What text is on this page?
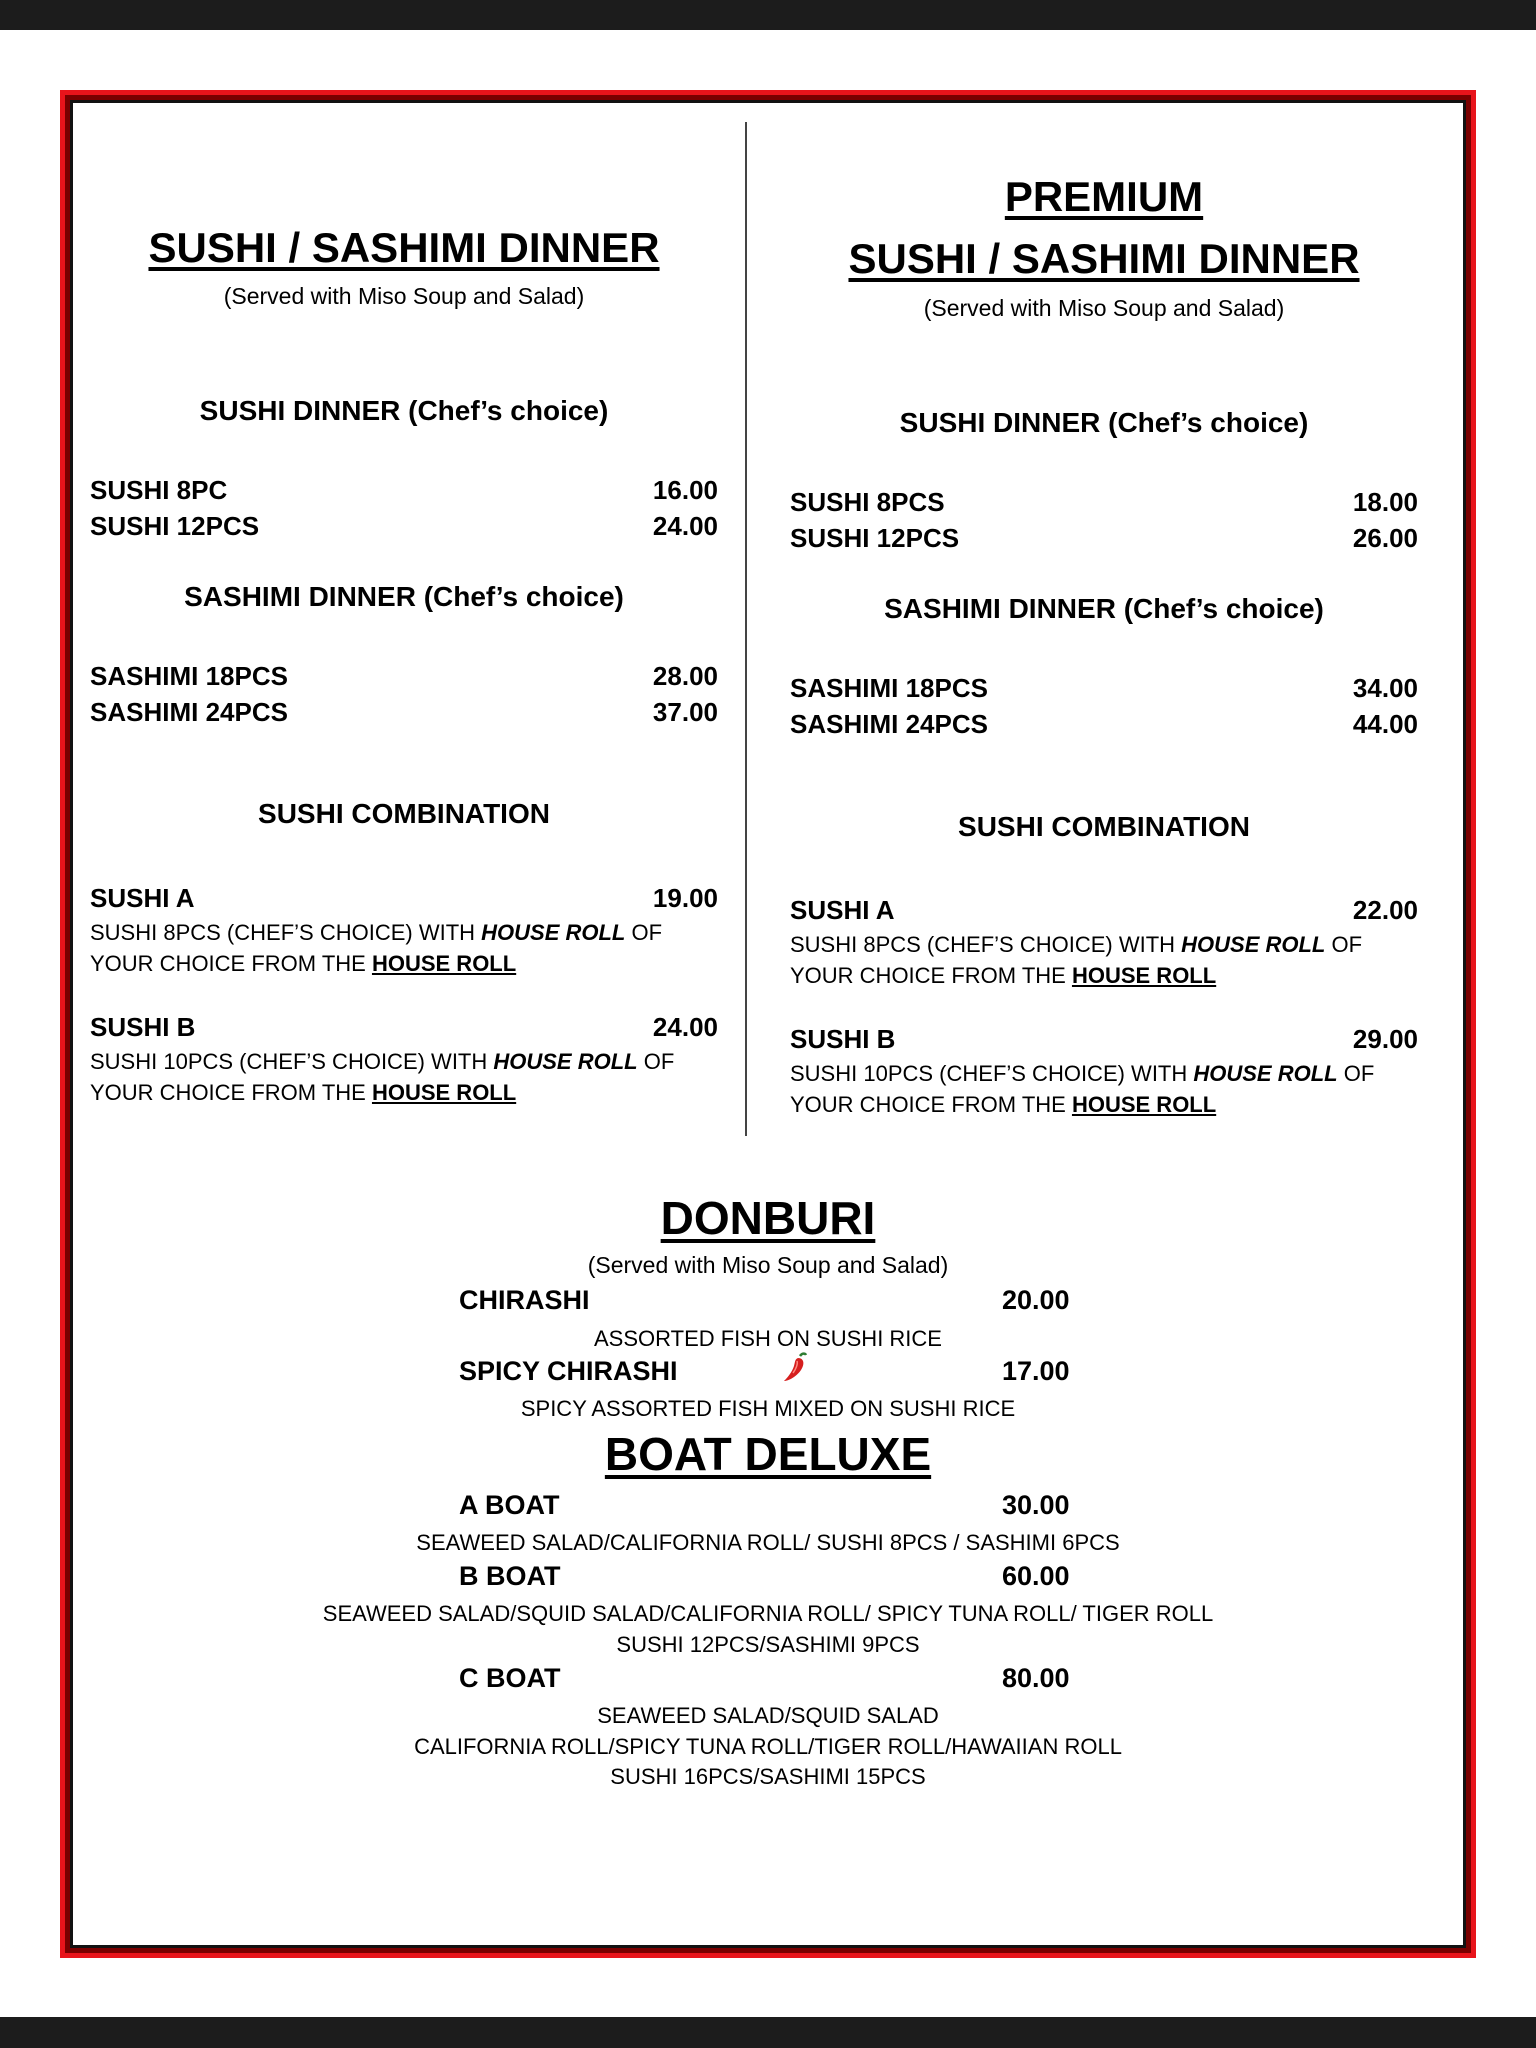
SUSHI / SASHIMI DINNER
(Served with Miso Soup and Salad)
SUSHI DINNER (Chef’s choice)
SUSHI 8PC	16.00
SUSHI 12PCS	24.00
SASHIMI DINNER (Chef’s choice)
SASHIMI 18PCS	28.00
SASHIMI 24PCS	37.00
SUSHI COMBINATION
SUSHI A	19.00
SUSHI 8PCS (CHEF’S CHOICE) WITH HOUSE ROLL OF YOUR CHOICE FROM THE HOUSE ROLL
SUSHI B	24.00
SUSHI 10PCS (CHEF’S CHOICE) WITH HOUSE ROLL OF YOUR CHOICE FROM THE HOUSE ROLL
PREMIUM
SUSHI / SASHIMI DINNER
(Served with Miso Soup and Salad)
SUSHI DINNER (Chef’s choice)
SUSHI 8PCS	18.00
SUSHI 12PCS	26.00
SASHIMI DINNER (Chef’s choice)
SASHIMI 18PCS	34.00
SASHIMI 24PCS	44.00
SUSHI COMBINATION
SUSHI A	22.00
SUSHI 8PCS (CHEF’S CHOICE) WITH HOUSE ROLL OF YOUR CHOICE FROM THE HOUSE ROLL
SUSHI B	29.00
SUSHI 10PCS (CHEF’S CHOICE) WITH HOUSE ROLL OF YOUR CHOICE FROM THE HOUSE ROLL
DONBURI
(Served with Miso Soup and Salad)
CHIRASHI	20.00
ASSORTED FISH ON SUSHI RICE
SPICY CHIRASHI	17.00
SPICY ASSORTED FISH MIXED ON SUSHI RICE
BOAT DELUXE
A BOAT	30.00
SEAWEED SALAD/CALIFORNIA ROLL/ SUSHI 8PCS / SASHIMI 6PCS
B BOAT	60.00
SEAWEED SALAD/SQUID SALAD/CALIFORNIA ROLL/ SPICY TUNA ROLL/ TIGER ROLL
SUSHI 12PCS/SASHIMI 9PCS
C BOAT	80.00
SEAWEED SALAD/SQUID SALAD
CALIFORNIA ROLL/SPICY TUNA ROLL/TIGER ROLL/HAWAIIAN ROLL
SUSHI 16PCS/SASHIMI 15PCS
